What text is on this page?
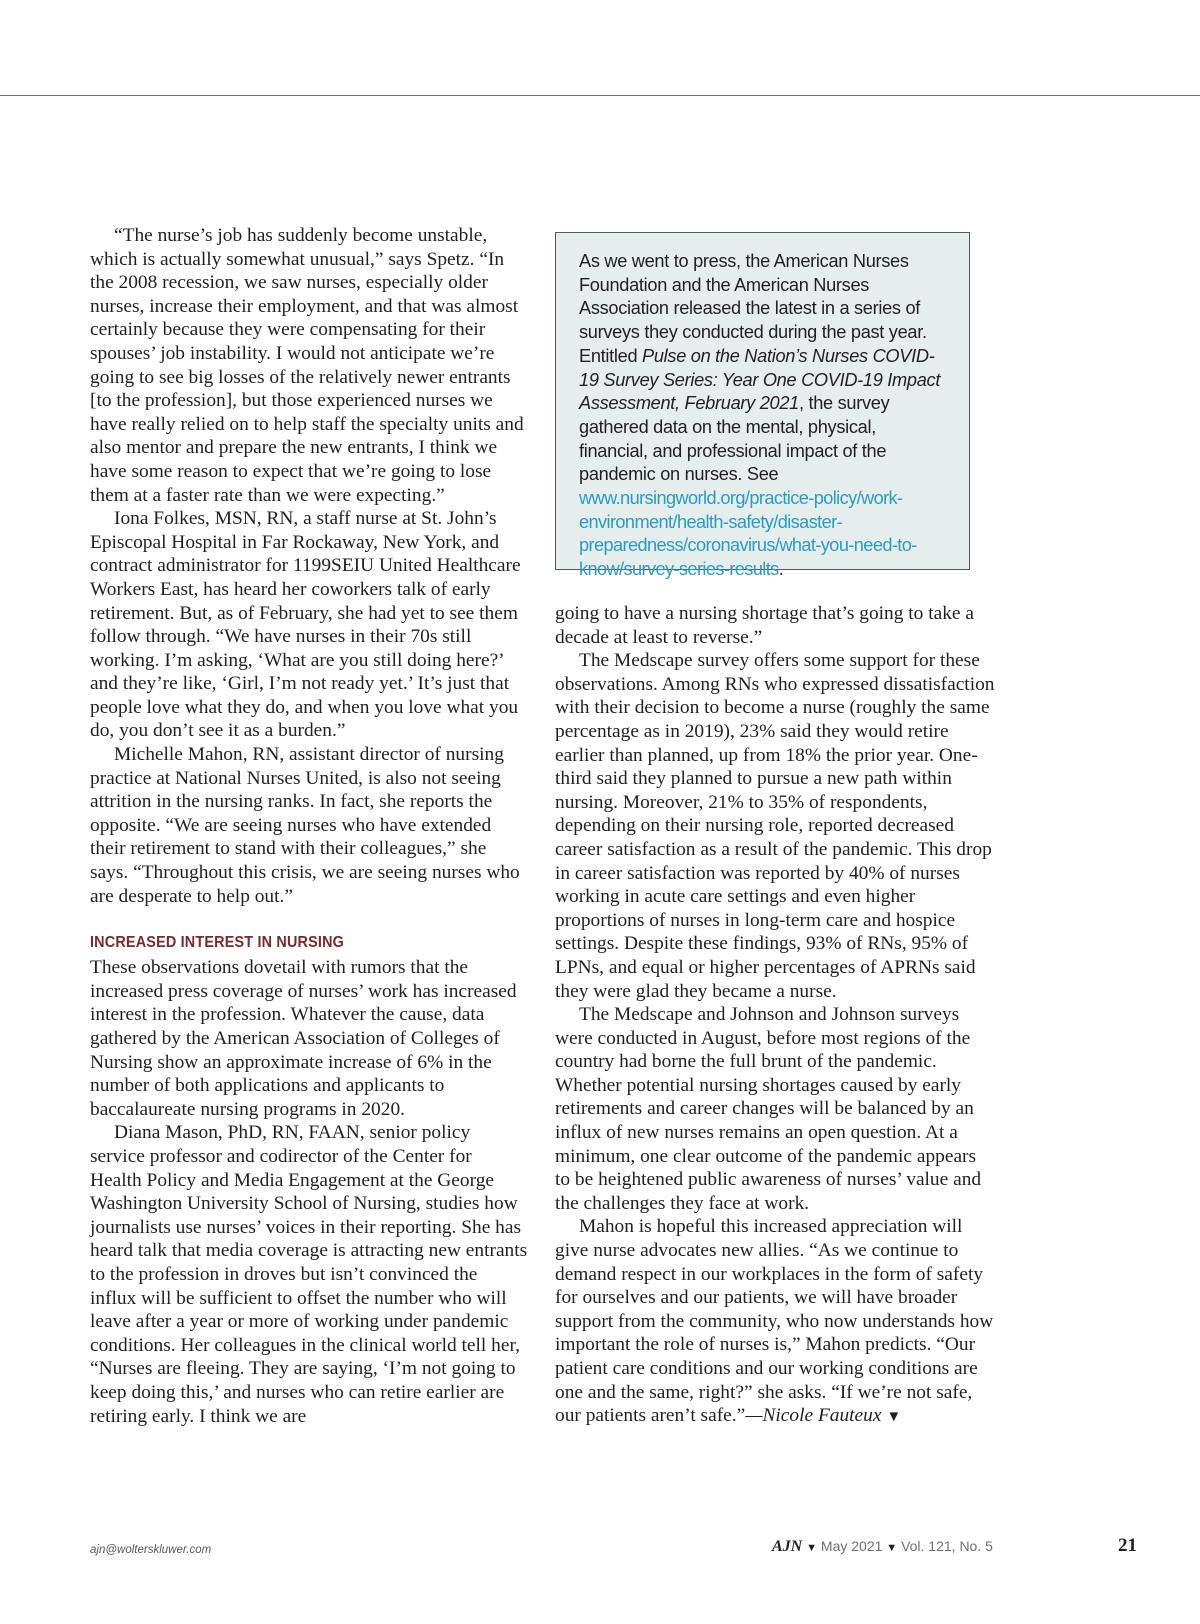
“The nurse’s job has suddenly become unstable, which is actually somewhat unusual,” says Spetz. “In the 2008 recession, we saw nurses, especially older nurses, increase their employment, and that was almost certainly because they were compensating for their spouses’ job instability. I would not anticipate we’re going to see big losses of the relatively newer entrants [to the profession], but those experienced nurses we have really relied on to help staff the specialty units and also mentor and prepare the new entrants, I think we have some reason to expect that we’re going to lose them at a faster rate than we were expecting.”

Iona Folkes, MSN, RN, a staff nurse at St. John’s Episcopal Hospital in Far Rockaway, New York, and contract administrator for 1199SEIU United Healthcare Workers East, has heard her coworkers talk of early retirement. But, as of February, she had yet to see them follow through. “We have nurses in their 70s still working. I’m asking, ‘What are you still doing here?’ and they’re like, ‘Girl, I’m not ready yet.’ It’s just that people love what they do, and when you love what you do, you don’t see it as a burden.”

Michelle Mahon, RN, assistant director of nursing practice at National Nurses United, is also not seeing attrition in the nursing ranks. In fact, she reports the opposite. “We are seeing nurses who have extended their retirement to stand with their colleagues,” she says. “Throughout this crisis, we are seeing nurses who are desperate to help out.”

INCREASED INTEREST IN NURSING

These observations dovetail with rumors that the increased press coverage of nurses’ work has increased interest in the profession. Whatever the cause, data gathered by the American Association of Colleges of Nursing show an approximate increase of 6% in the number of both applications and applicants to baccalaureate nursing programs in 2020.

Diana Mason, PhD, RN, FAAN, senior policy service professor and codirector of the Center for Health Policy and Media Engagement at the George Washington University School of Nursing, studies how journalists use nurses’ voices in their reporting. She has heard talk that media coverage is attracting new entrants to the profession in droves but isn’t convinced the influx will be sufficient to offset the number who will leave after a year or more of working under pandemic conditions. Her colleagues in the clinical world tell her, “Nurses are fleeing. They are saying, ‘I’m not going to keep doing this,’ and nurses who can retire earlier are retiring early. I think we are

As we went to press, the American Nurses Foundation and the American Nurses Association released the latest in a series of surveys they conducted during the past year. Entitled Pulse on the Nation’s Nurses COVID-19 Survey Series: Year One COVID-19 Impact Assessment, February 2021, the survey gathered data on the mental, physical, financial, and professional impact of the pandemic on nurses. See www.nursingworld.org/practice-policy/work-environment/health-safety/disaster-preparedness/coronavirus/what-you-need-to-know/survey-series-results.

going to have a nursing shortage that’s going to take a decade at least to reverse.”

The Medscape survey offers some support for these observations. Among RNs who expressed dissatisfaction with their decision to become a nurse (roughly the same percentage as in 2019), 23% said they would retire earlier than planned, up from 18% the prior year. One-third said they planned to pursue a new path within nursing. Moreover, 21% to 35% of respondents, depending on their nursing role, reported decreased career satisfaction as a result of the pandemic. This drop in career satisfaction was reported by 40% of nurses working in acute care settings and even higher proportions of nurses in long-term care and hospice settings. Despite these findings, 93% of RNs, 95% of LPNs, and equal or higher percentages of APRNs said they were glad they became a nurse.

The Medscape and Johnson and Johnson surveys were conducted in August, before most regions of the country had borne the full brunt of the pandemic. Whether potential nursing shortages caused by early retirements and career changes will be balanced by an influx of new nurses remains an open question. At a minimum, one clear outcome of the pandemic appears to be heightened public awareness of nurses’ value and the challenges they face at work.

Mahon is hopeful this increased appreciation will give nurse advocates new allies. “As we continue to demand respect in our workplaces in the form of safety for ourselves and our patients, we will have broader support from the community, who now understands how important the role of nurses is,” Mahon predicts. “Our patient care conditions and our working conditions are one and the same, right?” she asks. “If we’re not safe, our patients aren’t safe.”—Nicole Fauteux ▼

ajn@wolterskluwer.com	AJN ▼ May 2021 ▼ Vol. 121, No. 5	21
